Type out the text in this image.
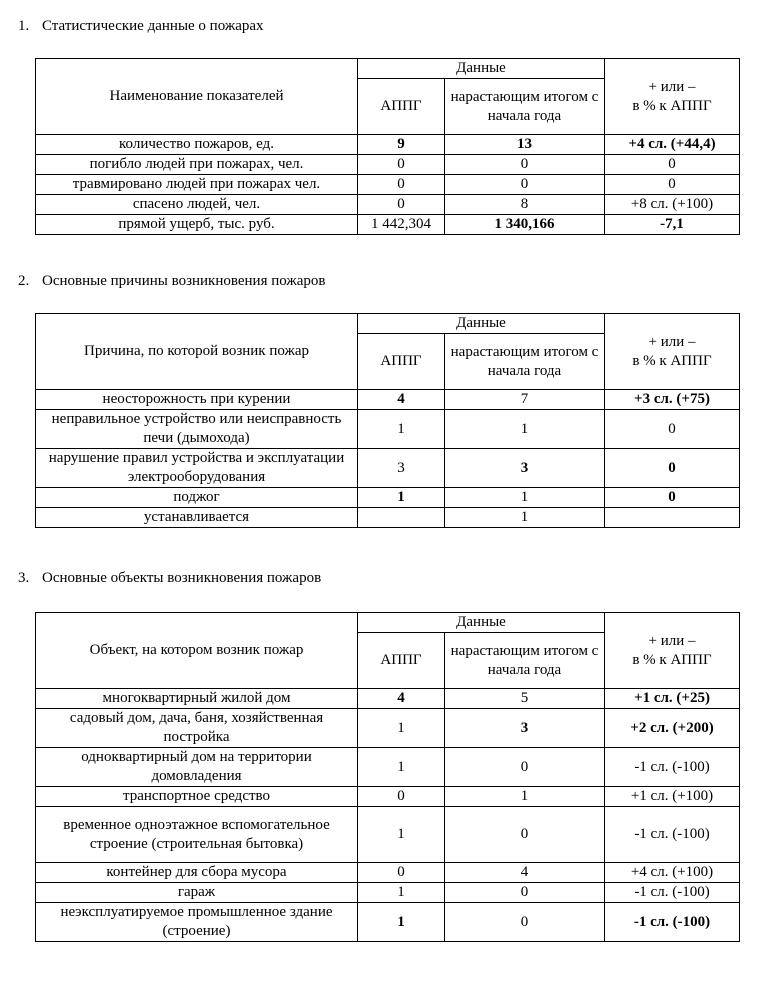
1. Статистические данные о пожарах
Наименование показателей	Данные		+ или –
в % к АППГ
	АППГ	нарастающим итогом с начала года	
количество пожаров, ед.	9	13	+4 сл. (+44,4)
погибло людей при пожарах, чел.	0	0	0
травмировано людей при пожарах чел.	0	0	0
спасено людей, чел.	0	8	+8 сл. (+100)
прямой ущерб, тыс. руб.	1 442,304	1 340,166	-7,1
2. Основные причины возникновения пожаров
Причина, по которой возник пожар	Данные		+ или –
в % к АППГ
	АППГ	нарастающим итогом с начала года	
неосторожность при курении	4	7	+3 сл. (+75)
неправильное устройство или неисправность печи (дымохода)	1	1	0
нарушение правил устройства и эксплуатации электрооборудования	3	3	0
поджог	1	1	0
устанавливается		1	
3. Основные объекты возникновения пожаров
Объект, на котором возник пожар	Данные		+ или –
в % к АППГ
	АППГ	нарастающим итогом с начала года	
многоквартирный жилой дом	4	5	+1 сл. (+25)
садовый дом, дача, баня, хозяйственная постройка	1	3	+2 сл. (+200)
одноквартирный дом на территории домовладения	1	0	-1 сл. (-100)
транспортное средство	0	1	+1 сл. (+100)
временное одноэтажное вспомогательное строение (строительная бытовка)	1	0	-1 сл. (-100)
контейнер для сбора мусора	0	4	+4 сл. (+100)
гараж	1	0	-1 сл. (-100)
неэксплуатируемое промышленное здание (строение)	1	0	-1 сл. (-100)
